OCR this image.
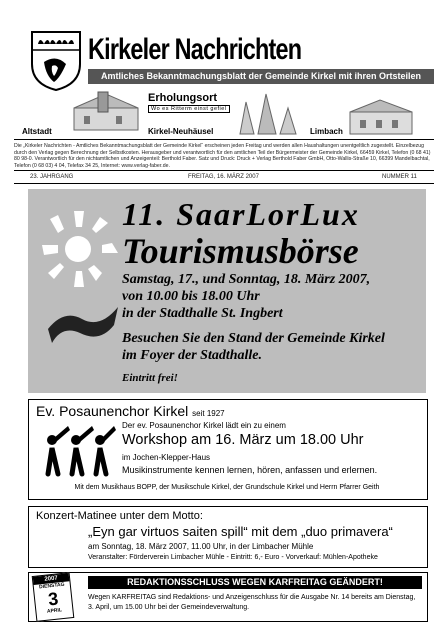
Kirkeler Nachrichten
Amtliches Bekanntmachungsblatt der Gemeinde Kirkel mit ihren Ortsteilen
Altstadt
Erholungsort
Wo es Ritterm einst gefiel
Kirkel-Neuhäusel	Limbach
Die „Kirkeler Nachrichten - Amtliches Bekanntmachungsblatt der Gemeinde Kirkel“ erscheinen jeden Freitag und werden allen Haushaltungen unentgeltlich zugestellt. Einzelbezug durch den Verlag gegen Berechnung der Selbstkosten. Herausgeber und verantwortlich für den amtlichen Teil der Bürgermeister der Gemeinde Kirkel, 66459 Kirkel, Telefon (0 68 41) 80 98-0. Verantwortlich für den nichtamtlichen und Anzeigenteil: Berthold Faber. Satz und Druck: Druck + Verlag Berthold Faber GmbH, Otto-Wallis-Straße 10, 66399 Mandelbachtal, Telefon (0 68 03) 4 04, Telefax 34 25, Internet: www.verlag-faber.de.
23. JAHRGANG	FREITAG, 16. MÄRZ 2007	NUMMER 11
11. SaarLorLux
Tourismusbörse
Samstag, 17., und Sonntag, 18. März 2007,
von 10.00 bis 18.00 Uhr
in der Stadthalle St. Ingbert
Besuchen Sie den Stand der Gemeinde Kirkel
im Foyer der Stadthalle.
Eintritt frei!
Ev. Posaunenchor Kirkel seit 1927
Der ev. Posaunenchor Kirkel lädt ein zu einem
Workshop am 16. März um 18.00 Uhr
im Jochen-Klepper-Haus
Musikinstrumente kennen lernen, hören, anfassen und erlernen.
Mit dem Musikhaus BOPP, der Musikschule Kirkel, der Grundschule Kirkel und Herrn Pfarrer Geith
Konzert-Matinee unter dem Motto:
„Eyn gar virtuos saiten spill“ mit dem „duo primavera“
am Sonntag, 18. März 2007, 11.00 Uhr, in der Limbacher Mühle
Veranstalter: Förderverein Limbacher Mühle - Eintritt: 6,- Euro - Vorverkauf: Mühlen-Apotheke
2007
DIENSTAG
3
APRIL
REDAKTIONSSCHLUSS WEGEN KARFREITAG GEÄNDERT!
Wegen KARFREITAG sind Redaktions- und Anzeigenschluss für die Ausgabe Nr. 14 bereits am Dienstag,
3. April, um 15.00 Uhr bei der Gemeindeverwaltung.
